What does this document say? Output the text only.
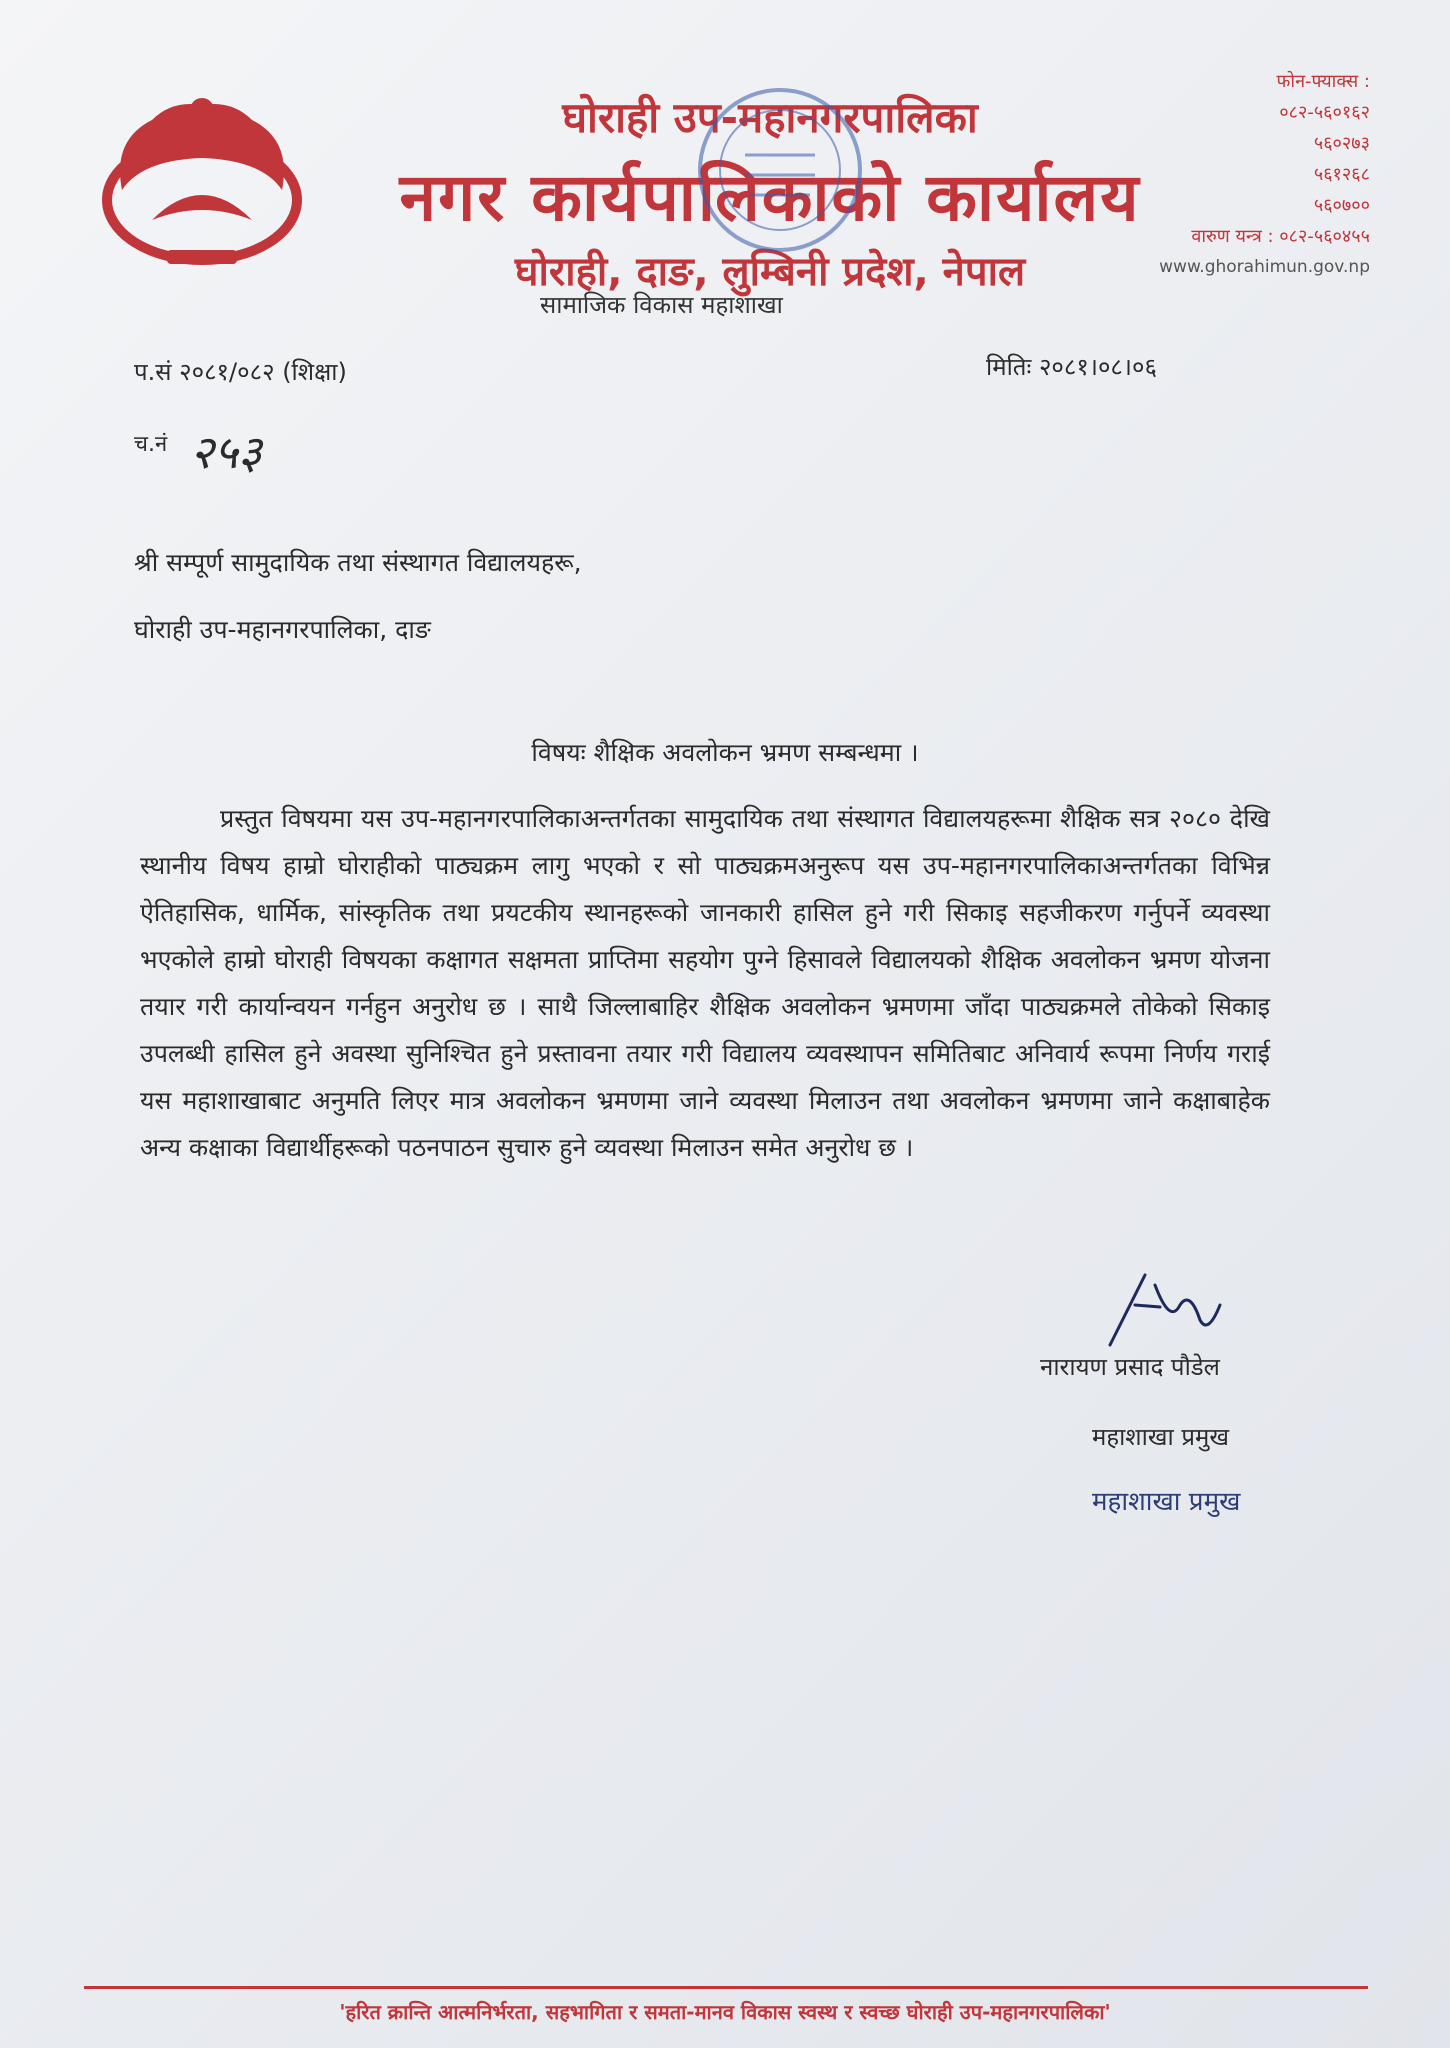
घोराही उप-महानगरपालिका
नगर कार्यपालिकाको कार्यालय
घोराही, दाङ, लुम्बिनी प्रदेश, नेपाल
सामाजिक विकास महाशाखा
फोन-फ्याक्स :
०८२-५६०१६२
५६०२७३
५६१२६८
५६०७००
वारुण यन्त्र : ०८२-५६०४५५
www.ghorahimun.gov.np
प.सं २०८१/०८२ (शिक्षा)	मितिः २०८१।०८।०६
च.नं २५३
श्री सम्पूर्ण सामुदायिक तथा संस्थागत विद्यालयहरू,
घोराही उप-महानगरपालिका, दाङ
विषयः शैक्षिक अवलोकन भ्रमण सम्बन्धमा ।
प्रस्तुत विषयमा यस उप-महानगरपालिकाअन्तर्गतका सामुदायिक तथा संस्थागत विद्यालयहरूमा शैक्षिक सत्र २०८० देखि स्थानीय विषय हाम्रो घोराहीको पाठ्यक्रम लागु भएको र सो पाठ्यक्रमअनुरूप यस उप-महानगरपालिकाअन्तर्गतका विभिन्न ऐतिहासिक, धार्मिक, सांस्कृतिक तथा प्रयटकीय स्थानहरूको जानकारी हासिल हुने गरी सिकाइ सहजीकरण गर्नुपर्ने व्यवस्था भएकोले हाम्रो घोराही विषयका कक्षागत सक्षमता प्राप्तिमा सहयोग पुग्ने हिसावले विद्यालयको शैक्षिक अवलोकन भ्रमण योजना तयार गरी कार्यान्वयन गर्नहुन अनुरोध छ । साथै जिल्लाबाहिर शैक्षिक अवलोकन भ्रमणमा जाँदा पाठ्यक्रमले तोकेको सिकाइ उपलब्धी हासिल हुने अवस्था सुनिश्चित हुने प्रस्तावना तयार गरी विद्यालय व्यवस्थापन समितिबाट अनिवार्य रूपमा निर्णय गराई यस महाशाखाबाट अनुमति लिएर मात्र अवलोकन भ्रमणमा जाने व्यवस्था मिलाउन तथा अवलोकन भ्रमणमा जाने कक्षाबाहेक अन्य कक्षाका विद्यार्थीहरूको पठनपाठन सुचारु हुने व्यवस्था मिलाउन समेत अनुरोध छ ।
नारायण प्रसाद पौडेल
महाशाखा प्रमुख
महाशाखा प्रमुख
'हरित क्रान्ति आत्मनिर्भरता, सहभागिता र समता-मानव विकास स्वस्थ र स्वच्छ घोराही उप-महानगरपालिका'
